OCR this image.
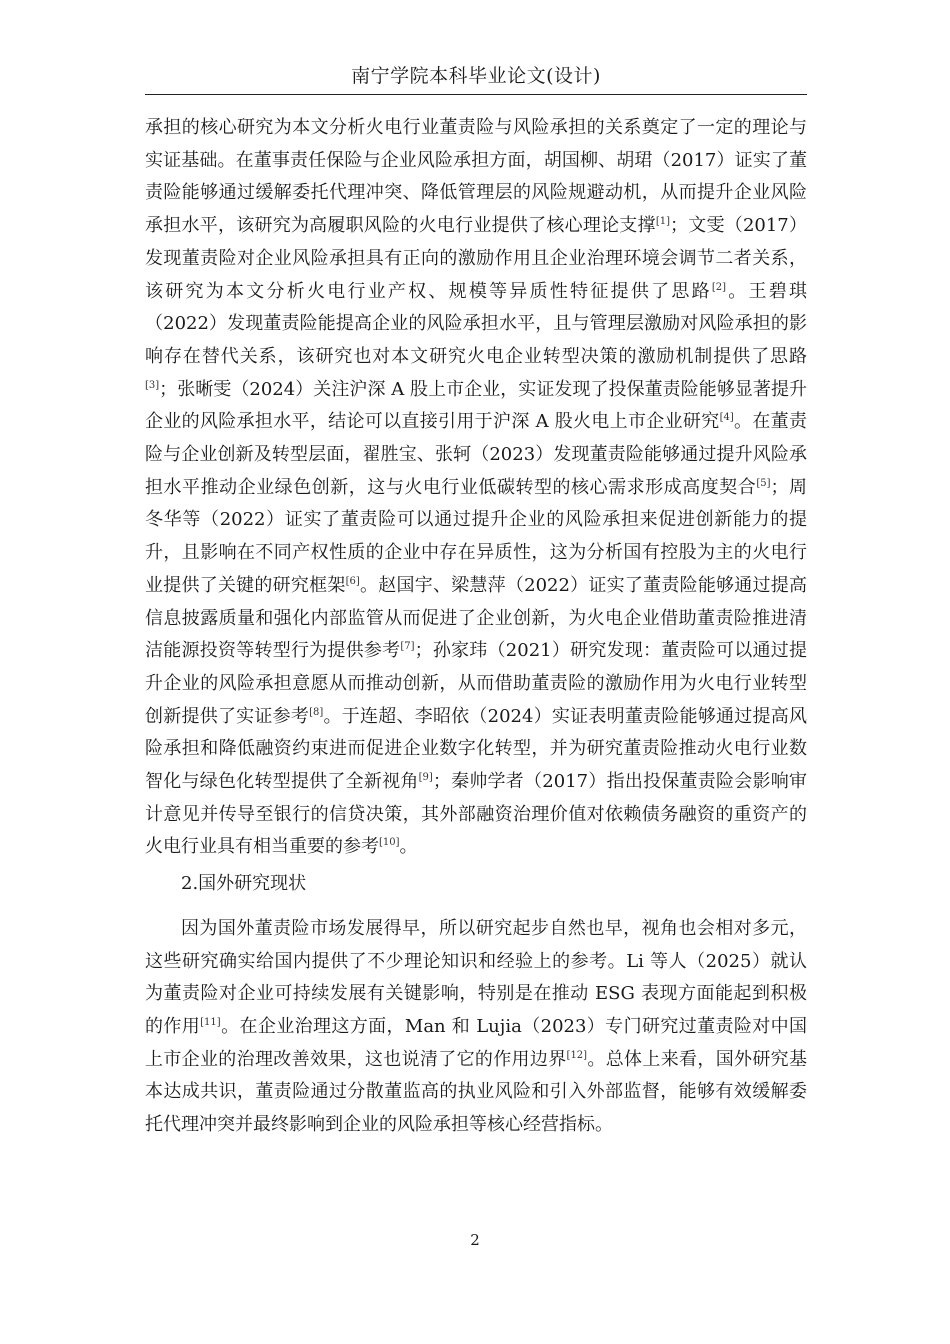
南宁学院本科毕业论文(设计)

承担的核心研究为本文分析火电行业董责险与风险承担的关系奠定了一定的理论与实证基础。在董事责任保险与企业风险承担方面，胡国柳、胡珺（2017）证实了董责险能够通过缓解委托代理冲突、降低管理层的风险规避动机，从而提升企业风险承担水平，该研究为高履职风险的火电行业提供了核心理论支撑[1]；文雯（2017）发现董责险对企业风险承担具有正向的激励作用且企业治理环境会调节二者关系，该研究为本文分析火电行业产权、规模等异质性特征提供了思路[2]。王碧琪（2022）发现董责险能提高企业的风险承担水平，且与管理层激励对风险承担的影响存在替代关系，该研究也对本文研究火电企业转型决策的激励机制提供了思路[3]；张晰雯（2024）关注沪深 A 股上市企业，实证发现了投保董责险能够显著提升企业的风险承担水平，结论可以直接引用于沪深 A 股火电上市企业研究[4]。在董责险与企业创新及转型层面，翟胜宝、张轲（2023）发现董责险能够通过提升风险承担水平推动企业绿色创新，这与火电行业低碳转型的核心需求形成高度契合[5]；周冬华等（2022）证实了董责险可以通过提升企业的风险承担来促进创新能力的提升，且影响在不同产权性质的企业中存在异质性，这为分析国有控股为主的火电行业提供了关键的研究框架[6]。赵国宇、梁慧萍（2022）证实了董责险能够通过提高信息披露质量和强化内部监管从而促进了企业创新，为火电企业借助董责险推进清洁能源投资等转型行为提供参考[7]；孙家玮（2021）研究发现：董责险可以通过提升企业的风险承担意愿从而推动创新，从而借助董责险的激励作用为火电行业转型创新提供了实证参考[8]。于连超、李昭依（2024）实证表明董责险能够通过提高风险承担和降低融资约束进而促进企业数字化转型，并为研究董责险推动火电行业数智化与绿色化转型提供了全新视角[9]；秦帅学者（2017）指出投保董责险会影响审计意见并传导至银行的信贷决策，其外部融资治理价值对依赖债务融资的重资产的火电行业具有相当重要的参考[10]。

2.国外研究现状

因为国外董责险市场发展得早，所以研究起步自然也早，视角也会相对多元，这些研究确实给国内提供了不少理论知识和经验上的参考。Li 等人（2025）就认为董责险对企业可持续发展有关键影响，特别是在推动 ESG 表现方面能起到积极的作用[11]。在企业治理这方面，Man 和 Lujia（2023）专门研究过董责险对中国上市企业的治理改善效果，这也说清了它的作用边界[12]。总体上来看，国外研究基本达成共识，董责险通过分散董监高的执业风险和引入外部监督，能够有效缓解委托代理冲突并最终影响到企业的风险承担等核心经营指标。

2
